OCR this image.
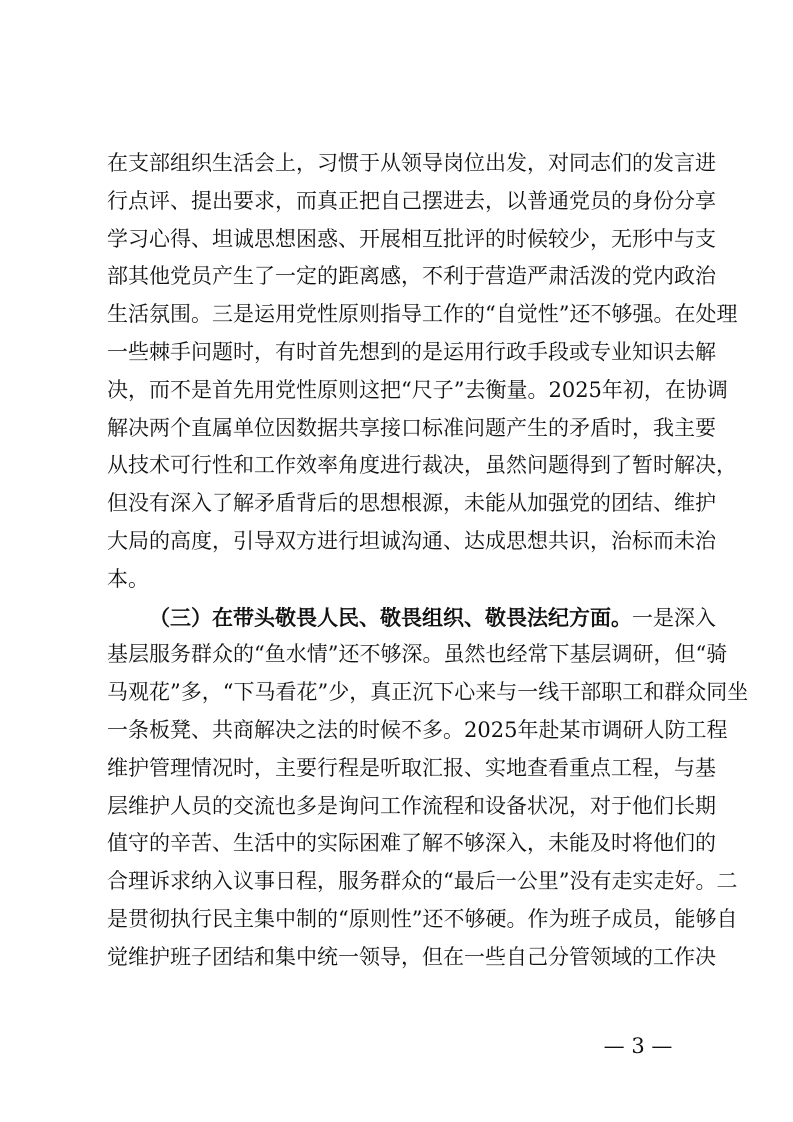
在支部组织生活会上，习惯于从领导岗位出发，对同志们的发言进
行点评、提出要求，而真正把自己摆进去，以普通党员的身份分享
学习心得、坦诚思想困惑、开展相互批评的时候较少，无形中与支
部其他党员产生了一定的距离感，不利于营造严肃活泼的党内政治
生活氛围。三是运用党性原则指导工作的“自觉性”还不够强。在处理
一些棘手问题时，有时首先想到的是运用行政手段或专业知识去解
决，而不是首先用党性原则这把“尺子”去衡量。2025年初，在协调
解决两个直属单位因数据共享接口标准问题产生的矛盾时，我主要
从技术可行性和工作效率角度进行裁决，虽然问题得到了暂时解决，
但没有深入了解矛盾背后的思想根源，未能从加强党的团结、维护
大局的高度，引导双方进行坦诚沟通、达成思想共识，治标而未治
本。
（三）在带头敬畏人民、敬畏组织、敬畏法纪方面。一是深入
基层服务群众的“鱼水情”还不够深。虽然也经常下基层调研，但“骑
马观花”多，“下马看花”少，真正沉下心来与一线干部职工和群众同坐
一条板凳、共商解决之法的时候不多。2025年赴某市调研人防工程
维护管理情况时，主要行程是听取汇报、实地查看重点工程，与基
层维护人员的交流也多是询问工作流程和设备状况，对于他们长期
值守的辛苦、生活中的实际困难了解不够深入，未能及时将他们的
合理诉求纳入议事日程，服务群众的“最后一公里”没有走实走好。二
是贯彻执行民主集中制的“原则性”还不够硬。作为班子成员，能够自
觉维护班子团结和集中统一领导，但在一些自己分管领域的工作决
— 3 —
